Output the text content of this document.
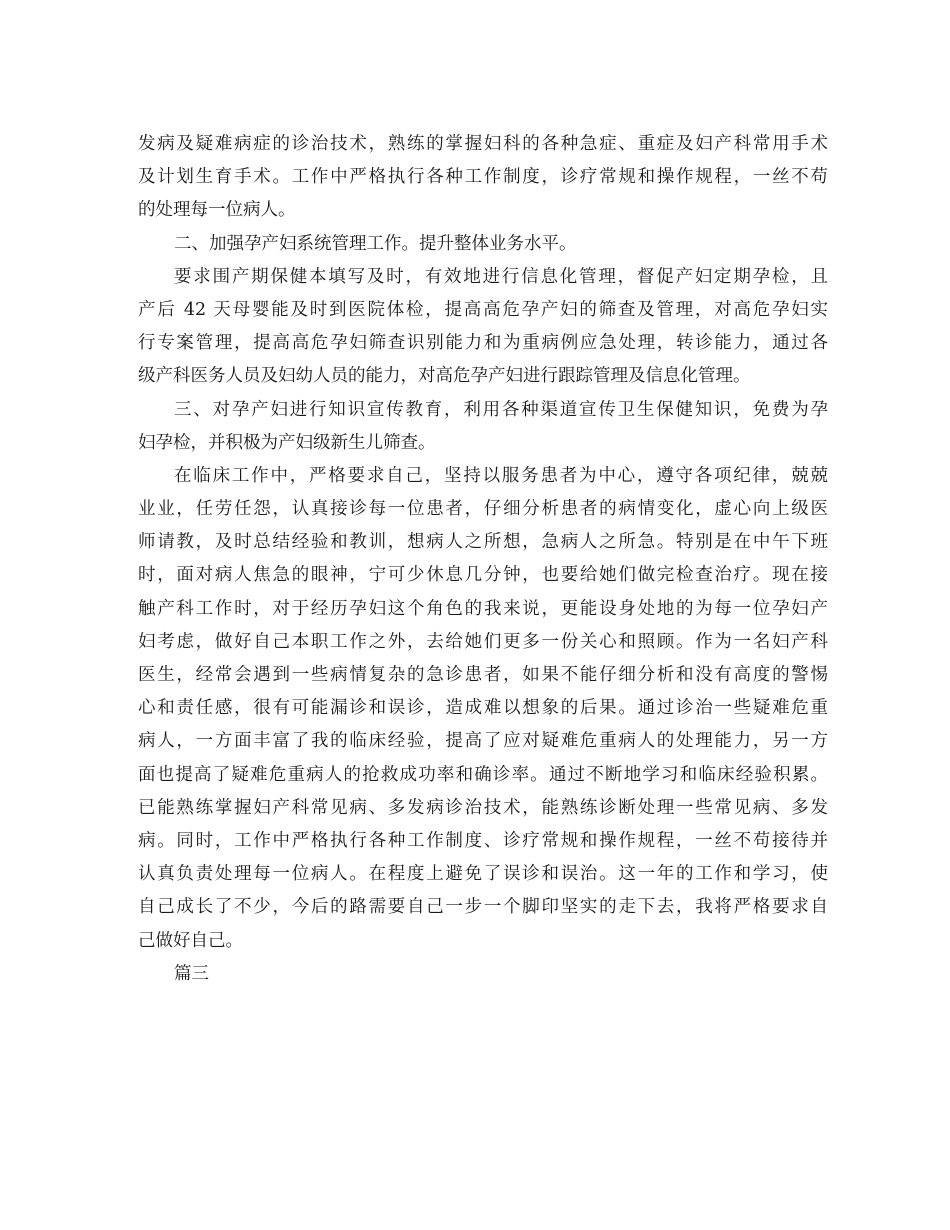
发病及疑难病症的诊治技术，熟练的掌握妇科的各种急症、重症及妇产科常用手术
及计划生育手术。工作中严格执行各种工作制度，诊疗常规和操作规程，一丝不苟
的处理每一位病人。
二、加强孕产妇系统管理工作。提升整体业务水平。
要求围产期保健本填写及时，有效地进行信息化管理，督促产妇定期孕检，且
产后 42 天母婴能及时到医院体检，提高高危孕产妇的筛查及管理，对高危孕妇实
行专案管理，提高高危孕妇筛查识别能力和为重病例应急处理，转诊能力，通过各
级产科医务人员及妇幼人员的能力，对高危孕产妇进行跟踪管理及信息化管理。
三、对孕产妇进行知识宣传教育，利用各种渠道宣传卫生保健知识，免费为孕
妇孕检，并积极为产妇级新生儿筛查。
在临床工作中，严格要求自己，坚持以服务患者为中心，遵守各项纪律，兢兢
业业，任劳任怨，认真接诊每一位患者，仔细分析患者的病情变化，虚心向上级医
师请教，及时总结经验和教训，想病人之所想，急病人之所急。特别是在中午下班
时，面对病人焦急的眼神，宁可少休息几分钟，也要给她们做完检查治疗。现在接
触产科工作时，对于经历孕妇这个角色的我来说，更能设身处地的为每一位孕妇产
妇考虑，做好自己本职工作之外，去给她们更多一份关心和照顾。作为一名妇产科
医生，经常会遇到一些病情复杂的急诊患者，如果不能仔细分析和没有高度的警惕
心和责任感，很有可能漏诊和误诊，造成难以想象的后果。通过诊治一些疑难危重
病人，一方面丰富了我的临床经验，提高了应对疑难危重病人的处理能力，另一方
面也提高了疑难危重病人的抢救成功率和确诊率。通过不断地学习和临床经验积累。
已能熟练掌握妇产科常见病、多发病诊治技术，能熟练诊断处理一些常见病、多发
病。同时，工作中严格执行各种工作制度、诊疗常规和操作规程，一丝不苟接待并
认真负责处理每一位病人。在程度上避免了误诊和误治。这一年的工作和学习，使
自己成长了不少，今后的路需要自己一步一个脚印坚实的走下去，我将严格要求自
己做好自己。
篇三
